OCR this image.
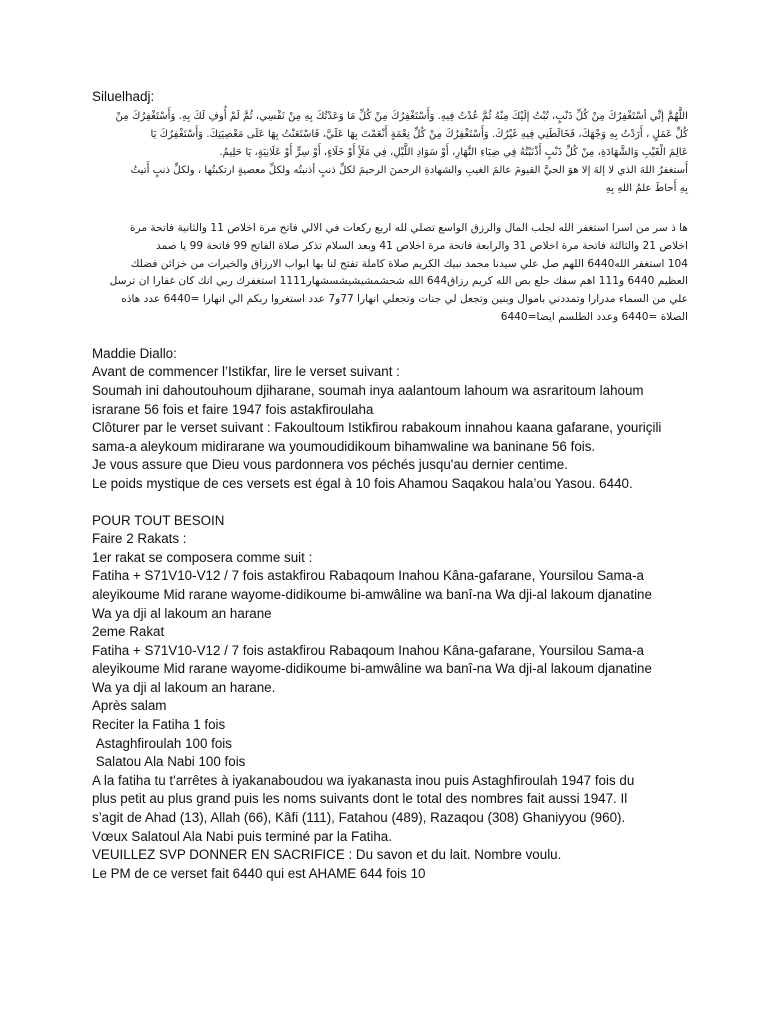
Siluelhadj:

اللَّهُمَّ إنِّي أسْتَغْفِرُكَ مِنْ كُلِّ ذَنْبٍ، تُبْتُ إلَيْكَ مِنْهُ ثُمَّ عُدْتُ فِيهِ. وَأَسْتَغْفِرُكَ مِنْ كُلِّ مَا وَعَدْتُكَ بِهِ مِنْ نَفْسِي، ثُمَّ لَمْ أُوفِ لَكَ بِهِ. وَأَسْتَغْفِرُكَ مِنْ

كُلِّ عَمَلٍ ، أَرَدْتُ بِهِ وَجْهَكَ، فَخَالَطَنِي فِيهِ غَيْرُكَ. وَأَسْتَغْفِرُكَ مِنْ كُلِّ نِعْمَةٍ أَنْعَمْتَ بِهَا عَلَيَّ، فَاسْتَعَنْتُ بِهَا عَلَى مَعْصِيَتِكَ. وَأَسْتَغْفِرُكَ يَا

عَالِمَ الْغَيْبِ وَالشَّهَادَةِ، مِنْ كُلِّ ذَنْبٍ أَذْنَبْتُهُ فِي ضِيَاءِ النَّهَارِ، أَوْ سَوَادِ اللَّيْلِ، فِي مَلَأٍ أَوْ خَلَاءٍ، أَوْ سِرٍّ أَوْ عَلَانِيَةٍ، يَا حَلِيمُ.

أَستغفرُ اللهَ الذي لا إلهَ إلا هوَ الحيَّ القيومَ عالمَ الغيبِ والشهادةِ الرحمنَ الرحيمَ لكلِّ ذنبٍ أذنبتُه ولكلِّ معصيةٍ ارتكبتُها ، ولكلِّ ذنبٍ أَتيتُ

بِهِ أَحاطَ علمُ اللهِ بِهِ

ها ذ سر من اسرا استغفر الله لجلب المال والرزق الواسع تصلي لله اربع ركعات في الالي فاتح مرة اخلاص 11 والثانية فاتحة مرة

اخلاص 21 والثالثة فاتحة مرة اخلاص 31 والرابعة فاتحة مرة اخلاص 41 وبعد السلام تذكر صلاة الفاتح 99 فاتحة 99 يا صمد

104 استغفر الله6440 اللهم صل علي سيدنا محمد نبيك الكريم صلاة كاملة تفتح لنا بها ابواب الارزاق والخيرات من خزائن فضلك

العظيم 6440 و111 اهم سفك حلع بص الله كريم رزاق644 الله شحشمشيشيشسشهار1111 استغفرك ربي انك كان غفارا ان ترسل

علي من السماء مدرارا وتمددني باموال وبنين وتجعل لي جنات وتجعلي انهارا 77و7 عدد استغروا ربكم الي انهارا =6440 عدد هاذه

الصلاة =6440 وعدد الطلسم ايضا=6440

Maddie Diallo:

Avant de commencer l’Istikfar, lire le verset suivant :

Soumah ini dahoutouhoum djiharane, soumah inya aalantoum lahoum wa asraritoum lahoum

israrane 56 fois et faire 1947 fois astakfiroulaha

Clôturer par le verset suivant : Fakoultoum Istikfirou rabakoum innahou kaana gafarane, youriçili

sama-a aleykoum midirarane wa youmoudidikoum bihamwaline wa baninane 56 fois.

Je vous assure que Dieu vous pardonnera vos péchés jusqu'au dernier centime.

Le poids mystique de ces versets est égal à 10 fois Ahamou Saqakou hala’ou Yasou. 6440.

POUR TOUT BESOIN

Faire 2 Rakats :

1er rakat se composera comme suit :

Fatiha + S71V10-V12 / 7 fois astakfirou Rabaqoum Inahou Kâna-gafarane, Yoursilou Sama-a

aleyikoume Mid rarane wayome-didikoume bi-amwâline wa banî-na Wa dji-al lakoum djanatine

Wa ya dji al lakoum an harane

2eme Rakat

Fatiha + S71V10-V12 / 7 fois astakfirou Rabaqoum Inahou Kâna-gafarane, Yoursilou Sama-a

aleyikoume Mid rarane wayome-didikoume bi-amwâline wa banî-na Wa dji-al lakoum djanatine

Wa ya dji al lakoum an harane.

Après salam

Reciter la Fatiha 1 fois

Astaghfiroulah 100 fois

Salatou Ala Nabi 100 fois

A la fatiha tu t'arrêtes à iyakanaboudou wa iyakanasta inou puis Astaghfiroulah 1947 fois du

plus petit au plus grand puis les noms suivants dont le total des nombres fait aussi 1947. Il

s’agit de Ahad (13), Allah (66), Kâfi (111), Fatahou (489), Razaqou (308) Ghaniyyou (960).

Vœux Salatoul Ala Nabi puis terminé par la Fatiha.

VEUILLEZ SVP DONNER EN SACRIFICE : Du savon et du lait. Nombre voulu.

Le PM de ce verset fait 6440 qui est AHAME 644 fois 10
